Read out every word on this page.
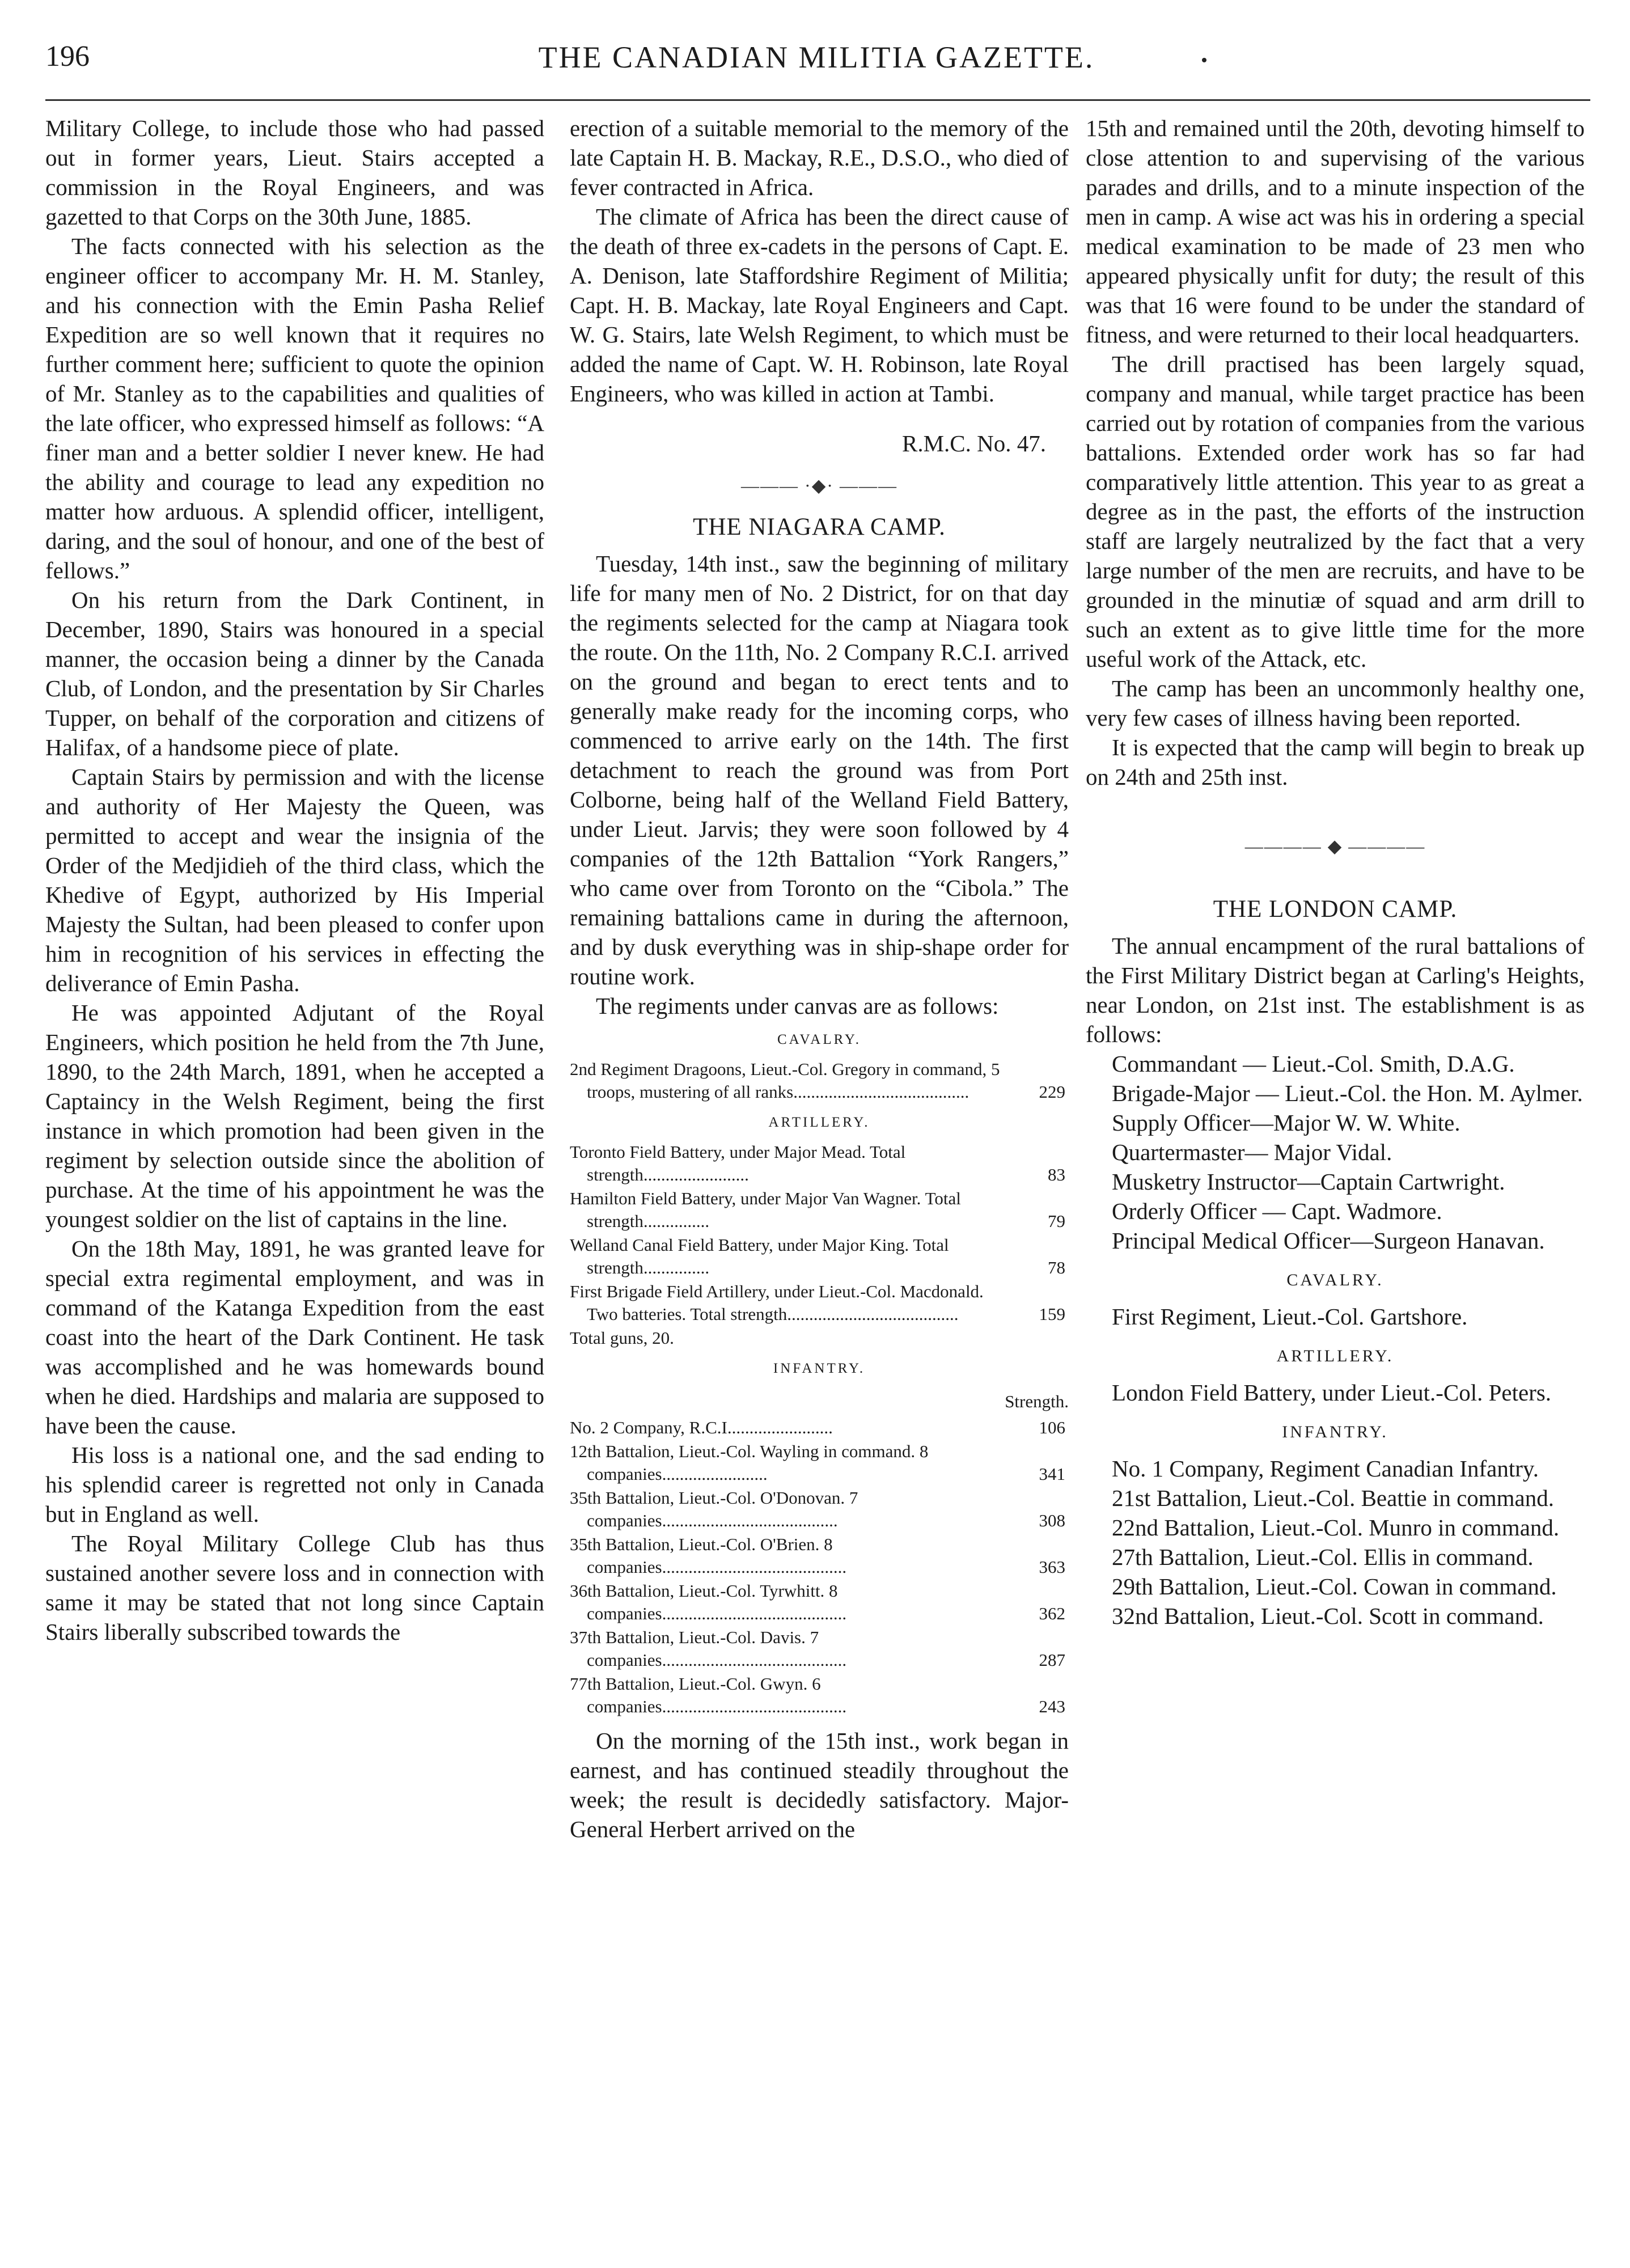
196	THE CANADIAN MILITIA GAZETTE.

Military College, to include those who had passed out in former years, Lieut. Stairs accepted a commission in the Royal Engineers, and was gazetted to that Corps on the 30th June, 1885.

The facts connected with his selection as the engineer officer to accompany Mr. H. M. Stanley, and his connection with the Emin Pasha Relief Expedition are so well known that it requires no further comment here; sufficient to quote the opinion of Mr. Stanley as to the capabilities and qualities of the late officer, who expressed himself as follows: “A finer man and a better soldier I never knew. He had the ability and courage to lead any expedition no matter how arduous. A splendid officer, intelligent, daring, and the soul of honour, and one of the best of fellows.”

On his return from the Dark Continent, in December, 1890, Stairs was honoured in a special manner, the occasion being a dinner by the Canada Club, of London, and the presentation by Sir Charles Tupper, on behalf of the corporation and citizens of Halifax, of a handsome piece of plate.

Captain Stairs by permission and with the license and authority of Her Majesty the Queen, was permitted to accept and wear the insignia of the Order of the Medjidieh of the third class, which the Khedive of Egypt, authorized by His Imperial Majesty the Sultan, had been pleased to confer upon him in recognition of his services in effecting the deliverance of Emin Pasha.

He was appointed Adjutant of the Royal Engineers, which position he held from the 7th June, 1890, to the 24th March, 1891, when he accepted a Captaincy in the Welsh Regiment, being the first instance in which promotion had been given in the regiment by selection outside since the abolition of purchase. At the time of his appointment he was the youngest soldier on the list of captains in the line.

On the 18th May, 1891, he was granted leave for special extra regimental employment, and was in command of the Katanga Expedition from the east coast into the heart of the Dark Continent. He task was accomplished and he was homewards bound when he died. Hardships and malaria are supposed to have been the cause.

His loss is a national one, and the sad ending to his splendid career is regretted not only in Canada but in England as well.

The Royal Military College Club has thus sustained another severe loss and in connection with same it may be stated that not long since Captain Stairs liberally subscribed towards the

erection of a suitable memorial to the memory of the late Captain H. B. Mackay, R.E., D.S.O., who died of fever contracted in Africa.

The climate of Africa has been the direct cause of the death of three ex-cadets in the persons of Capt. E. A. Denison, late Staffordshire Regiment of Militia; Capt. H. B. Mackay, late Royal Engineers and Capt. W. G. Stairs, late Welsh Regiment, to which must be added the name of Capt. W. H. Robinson, late Royal Engineers, who was killed in action at Tambi.

R.M.C. No. 47.
——— ·◆· ———
THE NIAGARA CAMP.

Tuesday, 14th inst., saw the beginning of military life for many men of No. 2 District, for on that day the regiments selected for the camp at Niagara took the route. On the 11th, No. 2 Company R.C.I. arrived on the ground and began to erect tents and to generally make ready for the incoming corps, who commenced to arrive early on the 14th. The first detachment to reach the ground was from Port Colborne, being half of the Welland Field Battery, under Lieut. Jarvis; they were soon followed by 4 companies of the 12th Battalion “York Rangers,” who came over from Toronto on the “Cibola.” The remaining battalions came in during the afternoon, and by dusk everything was in ship-shape order for routine work.

The regiments under canvas are as follows:

CAVALRY.
2nd Regiment Dragoons, Lieut.-Col. Gregory in command, 5 troops, mustering of all ranks........................................	229
ARTILLERY.
Toronto Field Battery, under Major Mead. Total strength........................	83
Hamilton Field Battery, under Major Van Wagner. Total strength...............	79
Welland Canal Field Battery, under Major King. Total strength...............	78
First Brigade Field Artillery, under Lieut.-Col. Macdonald. Two batteries. Total strength.......................................	159
Total guns, 20.
INFANTRY.
Strength.
No. 2 Company, R.C.I........................	106
12th Battalion, Lieut.-Col. Wayling in command. 8 companies........................	341
35th Battalion, Lieut.-Col. O'Donovan. 7 companies........................................	308
35th Battalion, Lieut.-Col. O'Brien. 8 companies..........................................	363
36th Battalion, Lieut.-Col. Tyrwhitt. 8 companies..........................................	362
37th Battalion, Lieut.-Col. Davis. 7 companies..........................................	287
77th Battalion, Lieut.-Col. Gwyn. 6 companies..........................................	243

On the morning of the 15th inst., work began in earnest, and has continued steadily throughout the week; the result is decidedly satisfactory. Major-General Herbert arrived on the

15th and remained until the 20th, devoting himself to close attention to and supervising of the various parades and drills, and to a minute inspection of the men in camp. A wise act was his in ordering a special medical examination to be made of 23 men who appeared physically unfit for duty; the result of this was that 16 were found to be under the standard of fitness, and were returned to their local headquarters.

The drill practised has been largely squad, company and manual, while target practice has been carried out by rotation of companies from the various battalions. Extended order work has so far had comparatively little attention. This year to as great a degree as in the past, the efforts of the instruction staff are largely neutralized by the fact that a very large number of the men are recruits, and have to be grounded in the minutiæ of squad and arm drill to such an extent as to give little time for the more useful work of the Attack, etc.

The camp has been an uncommonly healthy one, very few cases of illness having been reported.

It is expected that the camp will begin to break up on 24th and 25th inst.

———— ◆ ————
THE LONDON CAMP.

The annual encampment of the rural battalions of the First Military District began at Carling's Heights, near London, on 21st inst. The establishment is as follows:

Commandant — Lieut.-Col. Smith, D.A.G.

Brigade-Major — Lieut.-Col. the Hon. M. Aylmer.

Supply Officer—Major W. W. White.

Quartermaster— Major Vidal.

Musketry Instructor—Captain Cartwright.

Orderly Officer — Capt. Wadmore.

Principal Medical Officer—Surgeon Hanavan.

CAVALRY.

First Regiment, Lieut.-Col. Gartshore.

ARTILLERY.

London Field Battery, under Lieut.-Col. Peters.

INFANTRY.

No. 1 Company, Regiment Canadian Infantry.

21st Battalion, Lieut.-Col. Beattie in command.

22nd Battalion, Lieut.-Col. Munro in command.

27th Battalion, Lieut.-Col. Ellis in command.

29th Battalion, Lieut.-Col. Cowan in command.

32nd Battalion, Lieut.-Col. Scott in command.
